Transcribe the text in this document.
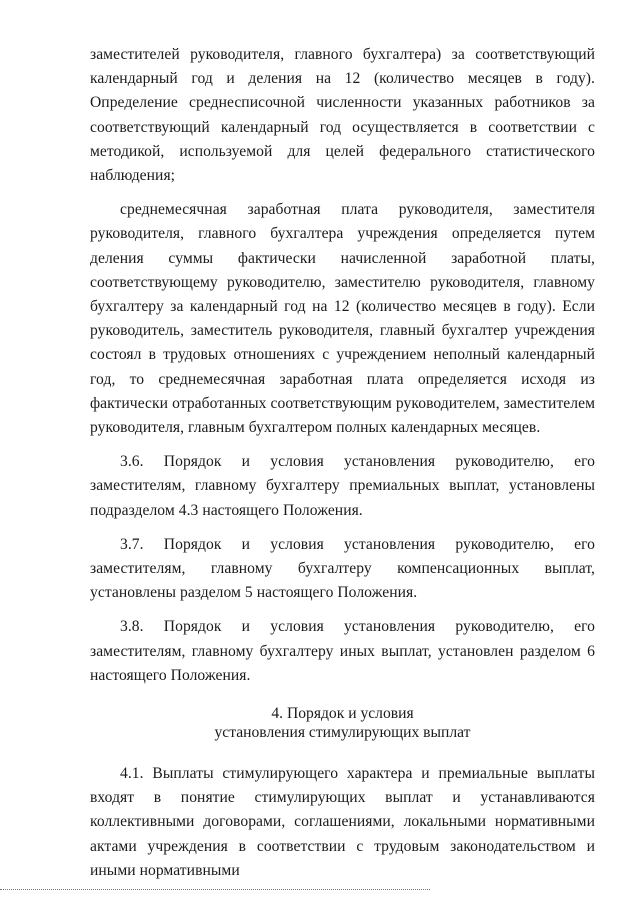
заместителей руководителя, главного бухгалтера) за соответствующий календарный год и деления на 12 (количество месяцев в году). Определение среднесписочной численности указанных работников за соответствующий календарный год осуществляется в соответствии с методикой, используемой для целей федерального статистического наблюдения;

среднемесячная заработная плата руководителя, заместителя руководителя, главного бухгалтера учреждения определяется путем деления суммы фактически начисленной заработной платы, соответствующему руководителю, заместителю руководителя, главному бухгалтеру за календарный год на 12 (количество месяцев в году). Если руководитель, заместитель руководителя, главный бухгалтер учреждения состоял в трудовых отношениях с учреждением неполный календарный год, то среднемесячная заработная плата определяется исходя из фактически отработанных соответствующим руководителем, заместителем руководителя, главным бухгалтером полных календарных месяцев.

3.6. Порядок и условия установления руководителю, его заместителям, главному бухгалтеру премиальных выплат, установлены подразделом 4.3 настоящего Положения.

3.7. Порядок и условия установления руководителю, его заместителям, главному бухгалтеру компенсационных выплат, установлены разделом 5 настоящего Положения.

3.8. Порядок и условия установления руководителю, его заместителям, главному бухгалтеру иных выплат, установлен разделом 6 настоящего Положения.

4. Порядок и условия
установления стимулирующих выплат

4.1. Выплаты стимулирующего характера и премиальные выплаты входят в понятие стимулирующих выплат и устанавливаются коллективными договорами, соглашениями, локальными нормативными актами учреждения в соответствии с трудовым законодательством и иными нормативными
